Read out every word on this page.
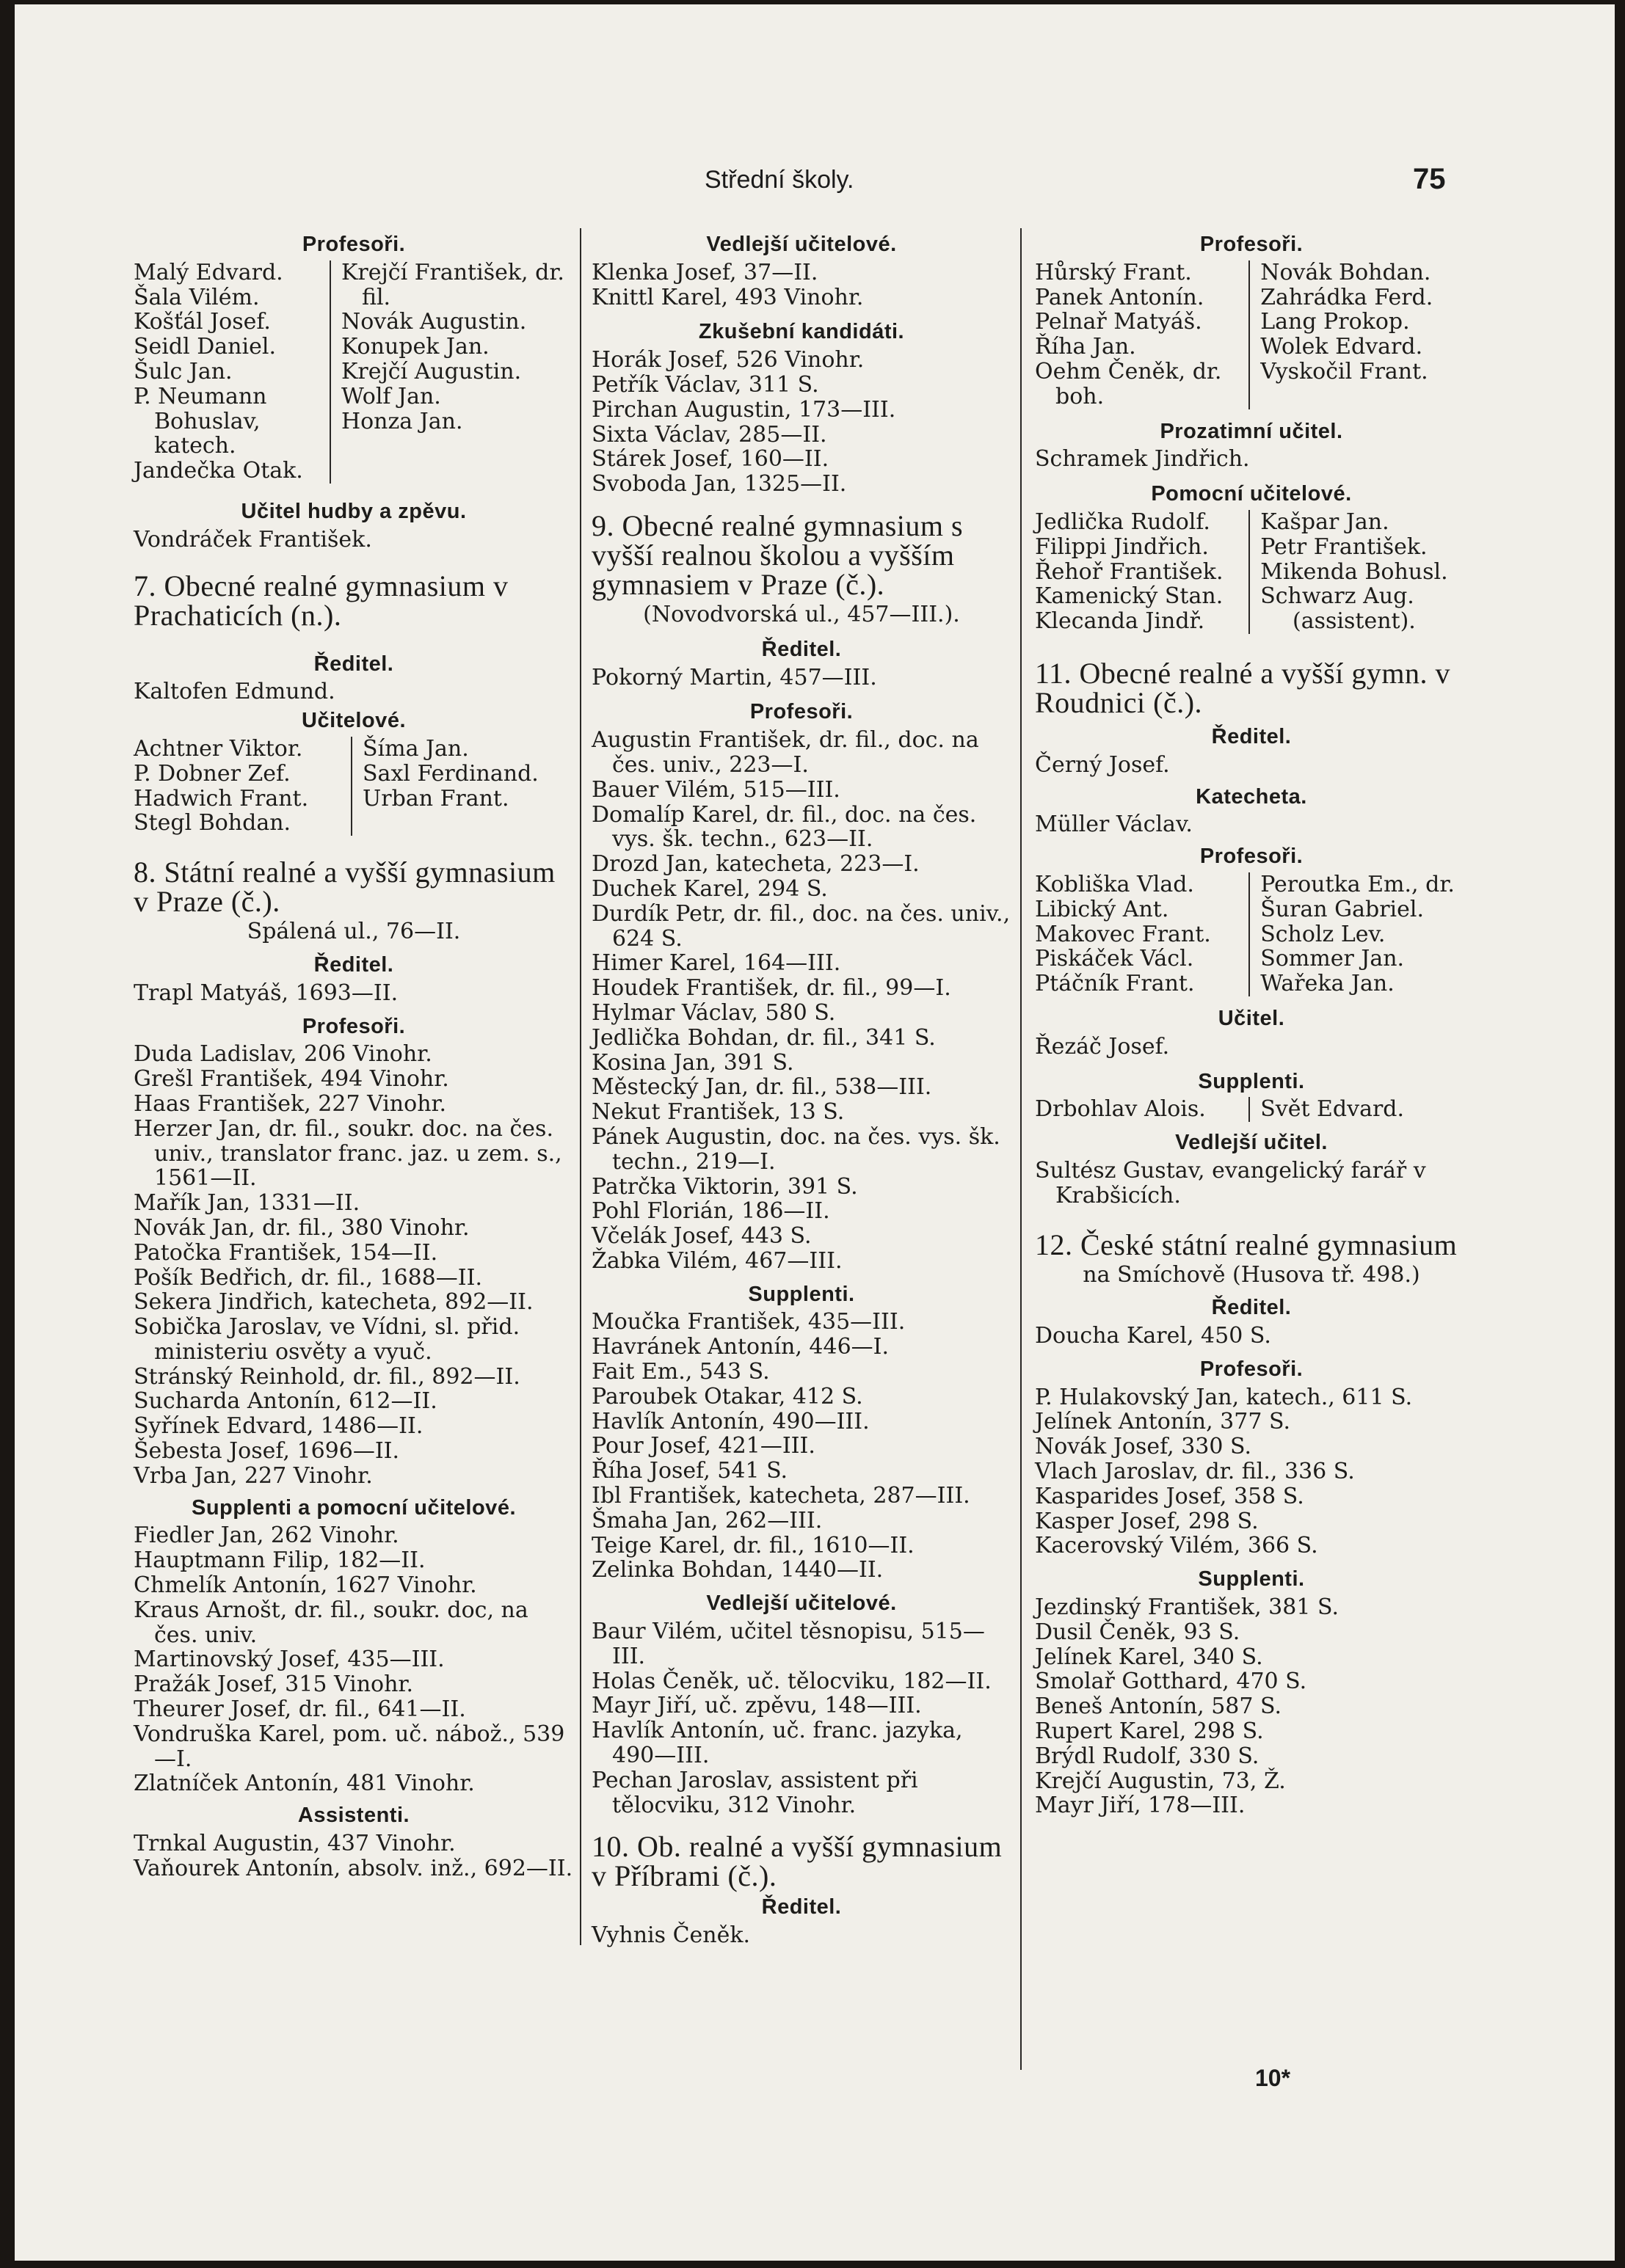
Střední školy.	75
Profesoři.
Malý Edvard.
Šala Vilém.
Košťál Josef.
Seidl Daniel.
Šulc Jan.
P. Neumann Bohuslav, katech.
Jandečka Otak.
Krejčí František, dr. fil.
Novák Augustin.
Konupek Jan.
Krejčí Augustin.
Wolf Jan.
Honza Jan.
Učitel hudby a zpěvu.
Vondráček František.
7. Obecné realné gymnasium v Prachaticích (n.).
Ředitel.
Kaltofen Edmund.
Učitelové.
Achtner Viktor.
P. Dobner Zef.
Hadwich Frant.
Stegl Bohdan.
Šíma Jan.
Saxl Ferdinand.
Urban Frant.
8. Státní realné a vyšší gymnasium v Praze (č.).
Spálená ul., 76—II.
Ředitel.
Trapl Matyáš, 1693—II.
Profesoři.
Duda Ladislav, 206 Vinohr.
Grešl František, 494 Vinohr.
Haas František, 227 Vinohr.
Herzer Jan, dr. fil., soukr. doc. na čes. univ., translator franc. jaz. u zem. s., 1561—II.
Mařík Jan, 1331—II.
Novák Jan, dr. fil., 380 Vinohr.
Patočka František, 154—II.
Pošík Bedřich, dr. fil., 1688—II.
Sekera Jindřich, katecheta, 892—II.
Sobička Jaroslav, ve Vídni, sl. přid. ministeriu osvěty a vyuč.
Stránský Reinhold, dr. fil., 892—II.
Sucharda Antonín, 612—II.
Syřínek Edvard, 1486—II.
Šebesta Josef, 1696—II.
Vrba Jan, 227 Vinohr.
Supplenti a pomocní učitelové.
Fiedler Jan, 262 Vinohr.
Hauptmann Filip, 182—II.
Chmelík Antonín, 1627 Vinohr.
Kraus Arnošt, dr. fil., soukr. doc, na čes. univ.
Martinovský Josef, 435—III.
Pražák Josef, 315 Vinohr.
Theurer Josef, dr. fil., 641—II.
Vondruška Karel, pom. uč. nábož., 539—I.
Zlatníček Antonín, 481 Vinohr.
Assistenti.
Trnkal Augustin, 437 Vinohr.
Vaňourek Antonín, absolv. inž., 692—II.
Vedlejší učitelové.
Klenka Josef, 37—II.
Knittl Karel, 493 Vinohr.
Zkušební kandidáti.
Horák Josef, 526 Vinohr.
Petřík Václav, 311 S.
Pirchan Augustin, 173—III.
Sixta Václav, 285—II.
Stárek Josef, 160—II.
Svoboda Jan, 1325—II.
9. Obecné realné gymnasium s vyšší realnou školou a vyšším gymnasiem v Praze (č.).
(Novodvorská ul., 457—III.).
Ředitel.
Pokorný Martin, 457—III.
Profesoři.
Augustin František, dr. fil., doc. na čes. univ., 223—I.
Bauer Vilém, 515—III.
Domalíp Karel, dr. fil., doc. na čes. vys. šk. techn., 623—II.
Drozd Jan, katecheta, 223—I.
Duchek Karel, 294 S.
Durdík Petr, dr. fil., doc. na čes. univ., 624 S.
Himer Karel, 164—III.
Houdek František, dr. fil., 99—I.
Hylmar Václav, 580 S.
Jedlička Bohdan, dr. fil., 341 S.
Kosina Jan, 391 S.
Městecký Jan, dr. fil., 538—III.
Nekut František, 13 S.
Pánek Augustin, doc. na čes. vys. šk. techn., 219—I.
Patrčka Viktorin, 391 S.
Pohl Florián, 186—II.
Včelák Josef, 443 S.
Žabka Vilém, 467—III.
Supplenti.
Moučka František, 435—III.
Havránek Antonín, 446—I.
Fait Em., 543 S.
Paroubek Otakar, 412 S.
Havlík Antonín, 490—III.
Pour Josef, 421—III.
Říha Josef, 541 S.
Ibl František, katecheta, 287—III.
Šmaha Jan, 262—III.
Teige Karel, dr. fil., 1610—II.
Zelinka Bohdan, 1440—II.
Vedlejší učitelové.
Baur Vilém, učitel těsnopisu, 515—III.
Holas Čeněk, uč. tělocviku, 182—II.
Mayr Jiří, uč. zpěvu, 148—III.
Havlík Antonín, uč. franc. jazyka, 490—III.
Pechan Jaroslav, assistent při tělocviku, 312 Vinohr.
10. Ob. realné a vyšší gymnasium v Příbrami (č.).
Ředitel.
Vyhnis Čeněk.
Profesoři.
Hůrský Frant.
Panek Antonín.
Pelnař Matyáš.
Říha Jan.
Oehm Čeněk, dr. boh.
Novák Bohdan.
Zahrádka Ferd.
Lang Prokop.
Wolek Edvard.
Vyskočil Frant.
Prozatimní učitel.
Schramek Jindřich.
Pomocní učitelové.
Jedlička Rudolf.
Filippi Jindřich.
Řehoř František.
Kamenický Stan.
Klecanda Jindř.
Kašpar Jan.
Petr František.
Mikenda Bohusl.
Schwarz Aug.
(assistent).
11. Obecné realné a vyšší gymn. v Roudnici (č.).
Ředitel.
Černý Josef.
Katecheta.
Müller Václav.
Profesoři.
Kobliška Vlad.
Libický Ant.
Makovec Frant.
Piskáček Václ.
Ptáčník Frant.
Peroutka Em., dr.
Šuran Gabriel.
Scholz Lev.
Sommer Jan.
Wařeka Jan.
Učitel.
Řezáč Josef.
Supplenti.
Drbohlav Alois.	Svět Edvard.
Vedlejší učitel.
Sultész Gustav, evangelický farář v Krabšicích.
12. České státní realné gymnasium
na Smíchově (Husova tř. 498.)
Ředitel.
Doucha Karel, 450 S.
Profesoři.
P. Hulakovský Jan, katech., 611 S.
Jelínek Antonín, 377 S.
Novák Josef, 330 S.
Vlach Jaroslav, dr. fil., 336 S.
Kasparides Josef, 358 S.
Kasper Josef, 298 S.
Kacerovský Vilém, 366 S.
Supplenti.
Jezdinský František, 381 S.
Dusil Čeněk, 93 S.
Jelínek Karel, 340 S.
Smolař Gotthard, 470 S.
Beneš Antonín, 587 S.
Rupert Karel, 298 S.
Brýdl Rudolf, 330 S.
Krejčí Augustin, 73, Ž.
Mayr Jiří, 178—III.
10*
